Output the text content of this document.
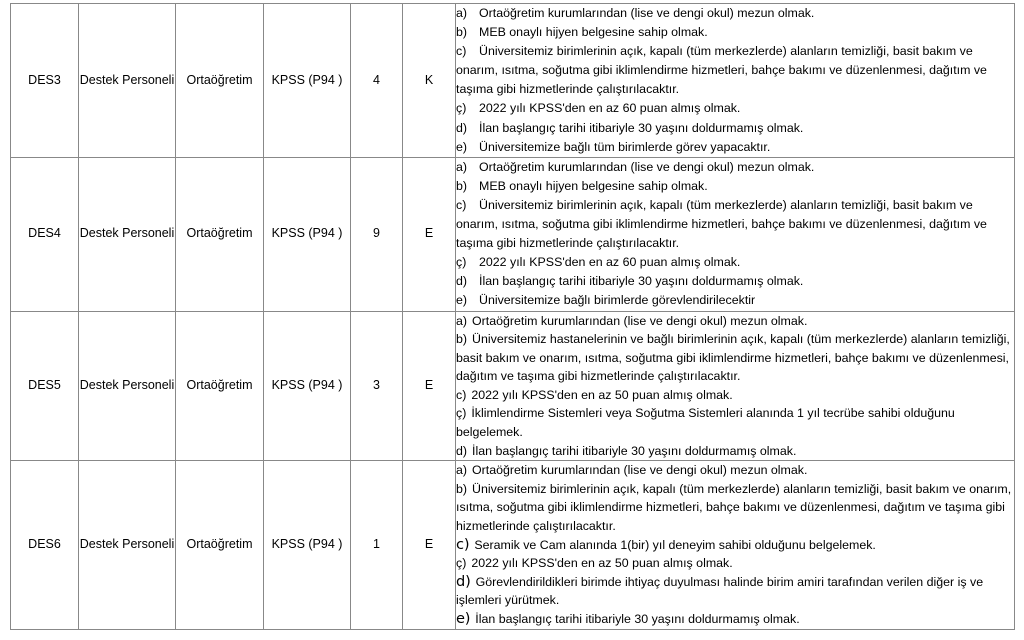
DES3	Destek Personeli	Ortaöğretim	KPSS (P94 )	4	K	
a) Ortaöğretim kurumlarından (lise ve dengi okul) mezun olmak.
b) MEB onaylı hijyen belgesine sahip olmak.
c) Üniversitemiz birimlerinin açık, kapalı (tüm merkezlerde) alanların temizliği, basit bakım ve onarım, ısıtma, soğutma gibi iklimlendirme hizmetleri, bahçe bakımı ve düzenlenmesi, dağıtım ve taşıma gibi hizmetlerinde çalıştırılacaktır.
ç) 2022 yılı KPSS'den en az 60 puan almış olmak.
d) İlan başlangıç tarihi itibariyle 30 yaşını doldurmamış olmak.
e) Üniversitemize bağlı tüm birimlerde görev yapacaktır.

DES4	Destek Personeli	Ortaöğretim	KPSS (P94 )	9	E	
a) Ortaöğretim kurumlarından (lise ve dengi okul) mezun olmak.
b) MEB onaylı hijyen belgesine sahip olmak.
c) Üniversitemiz birimlerinin açık, kapalı (tüm merkezlerde) alanların temizliği, basit bakım ve onarım, ısıtma, soğutma gibi iklimlendirme hizmetleri, bahçe bakımı ve düzenlenmesi, dağıtım ve taşıma gibi hizmetlerinde çalıştırılacaktır.
ç) 2022 yılı KPSS'den en az 60 puan almış olmak.
d) İlan başlangıç tarihi itibariyle 30 yaşını doldurmamış olmak.
e) Üniversitemize bağlı birimlerde görevlendirilecektir

DES5	Destek Personeli	Ortaöğretim	KPSS (P94 )	3	E	a) Ortaöğretim kurumlarından (lise ve dengi okul) mezun olmak.
b) Üniversitemiz hastanelerinin ve bağlı birimlerinin açık, kapalı (tüm merkezlerde) alanların temizliği, basit bakım ve onarım, ısıtma, soğutma gibi iklimlendirme hizmetleri, bahçe bakımı ve düzenlenmesi, dağıtım ve taşıma gibi hizmetlerinde çalıştırılacaktır.
c) 2022 yılı KPSS'den en az 50 puan almış olmak.
ç) İklimlendirme Sistemleri veya Soğutma Sistemleri alanında 1 yıl tecrübe sahibi olduğunu belgelemek.
d) İlan başlangıç tarihi itibariyle 30 yaşını doldurmamış olmak.

DES6	Destek Personeli	Ortaöğretim	KPSS (P94 )	1	E	
a) Ortaöğretim kurumlarından (lise ve dengi okul) mezun olmak.
b) Üniversitemiz birimlerinin açık, kapalı (tüm merkezlerde) alanların temizliği, basit bakım ve onarım, ısıtma, soğutma gibi iklimlendirme hizmetleri, bahçe bakımı ve düzenlenmesi, dağıtım ve taşıma gibi hizmetlerinde çalıştırılacaktır.
c) Seramik ve Cam alanında 1(bir) yıl deneyim sahibi olduğunu belgelemek.
ç) 2022 yılı KPSS'den en az 50 puan almış olmak.
d) Görevlendirildikleri birimde ihtiyaç duyulması halinde birim amiri tarafından verilen diğer iş ve işlemleri yürütmek.
e) İlan başlangıç tarihi itibariyle 30 yaşını doldurmamış olmak.
